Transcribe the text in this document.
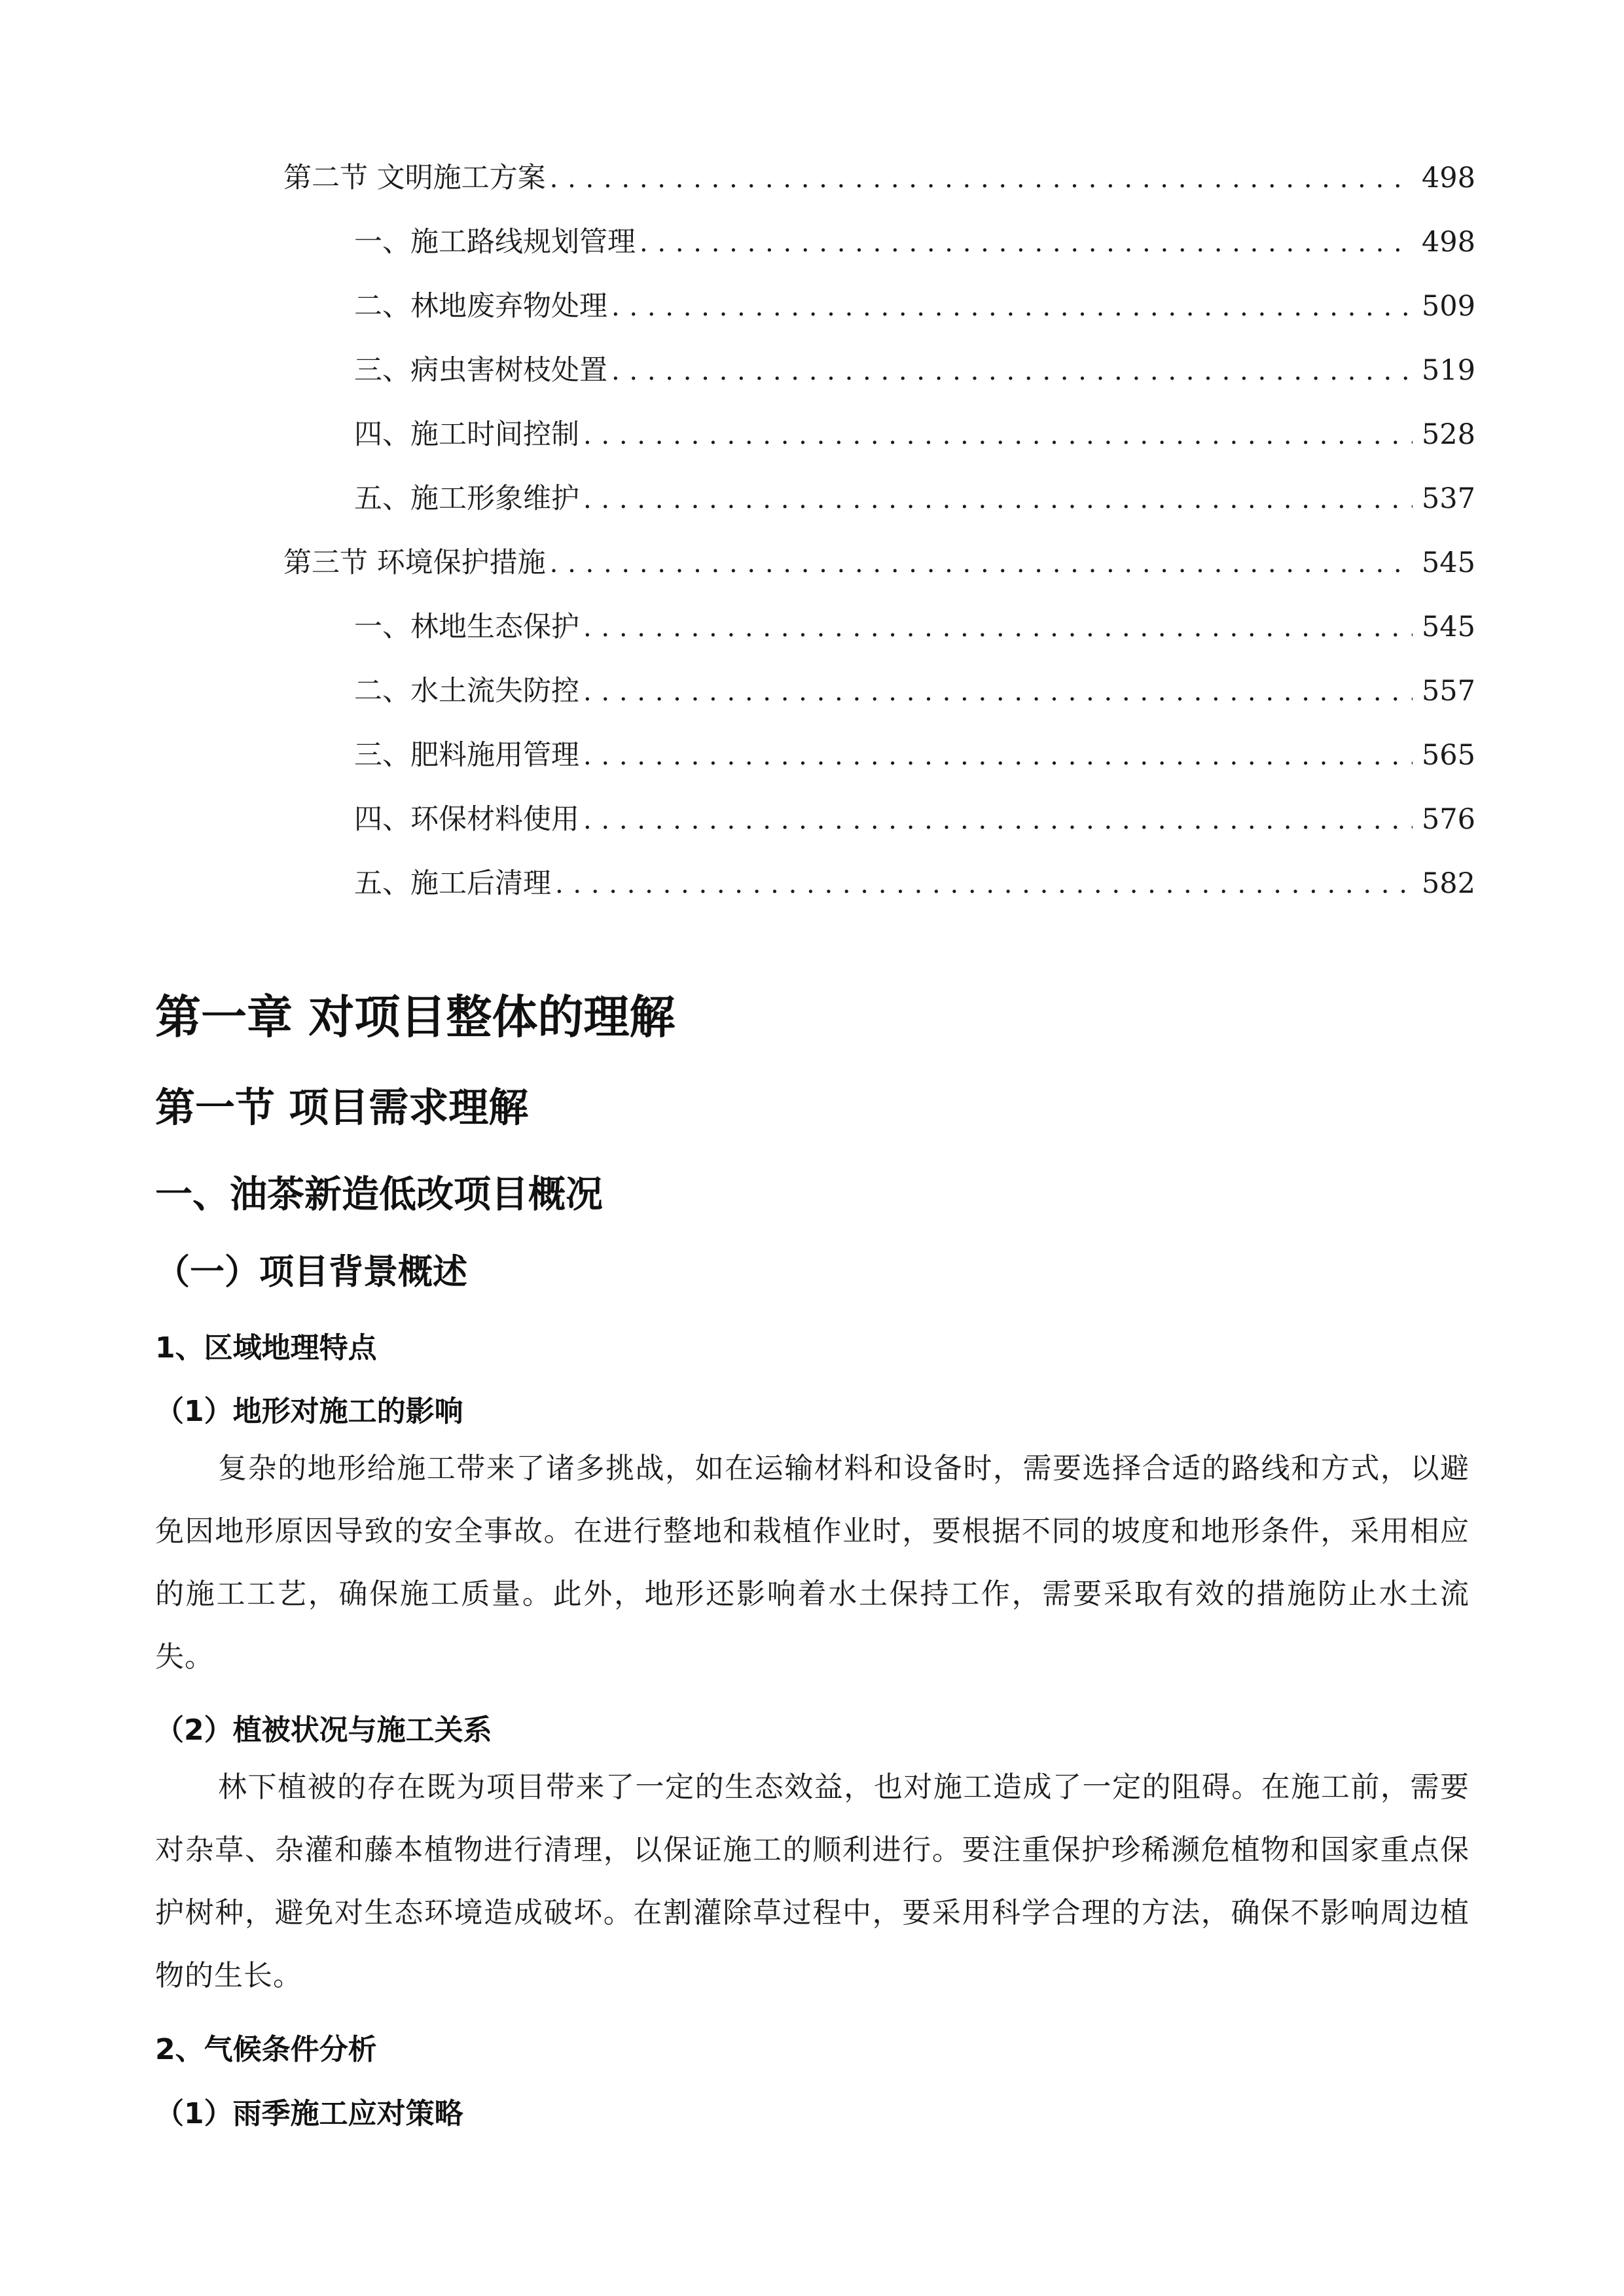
第二节 文明施工方案 . . .	498
一、 施工路线规划管理 . . .	498
二、 林地废弃物处理 . . .	509
三、 病虫害树枝处置 . . .	519
四、 施工时间控制 . . .	528
五、 施工形象维护 . . .	537
第三节 环境保护措施 . . .	545
一、 林地生态保护 . . .	545
二、 水土流失防控 . . .	557
三、 肥料施用管理 . . .	565
四、 环保材料使用 . . .	576
五、 施工后清理 . . .	582
第一章 对项目整体的理解
第一节 项目需求理解
一、油茶新造低改项目概况
（一）项目背景概述
1、区域地理特点
（1）地形对施工的影响
复杂的地形给施工带来了诸多挑战，如在运输材料和设备时，需要选择合适的路线和方式，以避免因地形原因导致的安全事故。在进行整地和栽植作业时，要根据不同的坡度和地形条件，采用相应的施工工艺，确保施工质量。此外，地形还影响着水土保持工作，需要采取有效的措施防止水土流失。
（2）植被状况与施工关系
林下植被的存在既为项目带来了一定的生态效益，也对施工造成了一定的阻碍。在施工前，需要对杂草、杂灌和藤本植物进行清理，以保证施工的顺利进行。要注重保护珍稀濒危植物和国家重点保护树种，避免对生态环境造成破坏。在割灌除草过程中，要采用科学合理的方法，确保不影响周边植物的生长。
2、气候条件分析
（1）雨季施工应对策略
